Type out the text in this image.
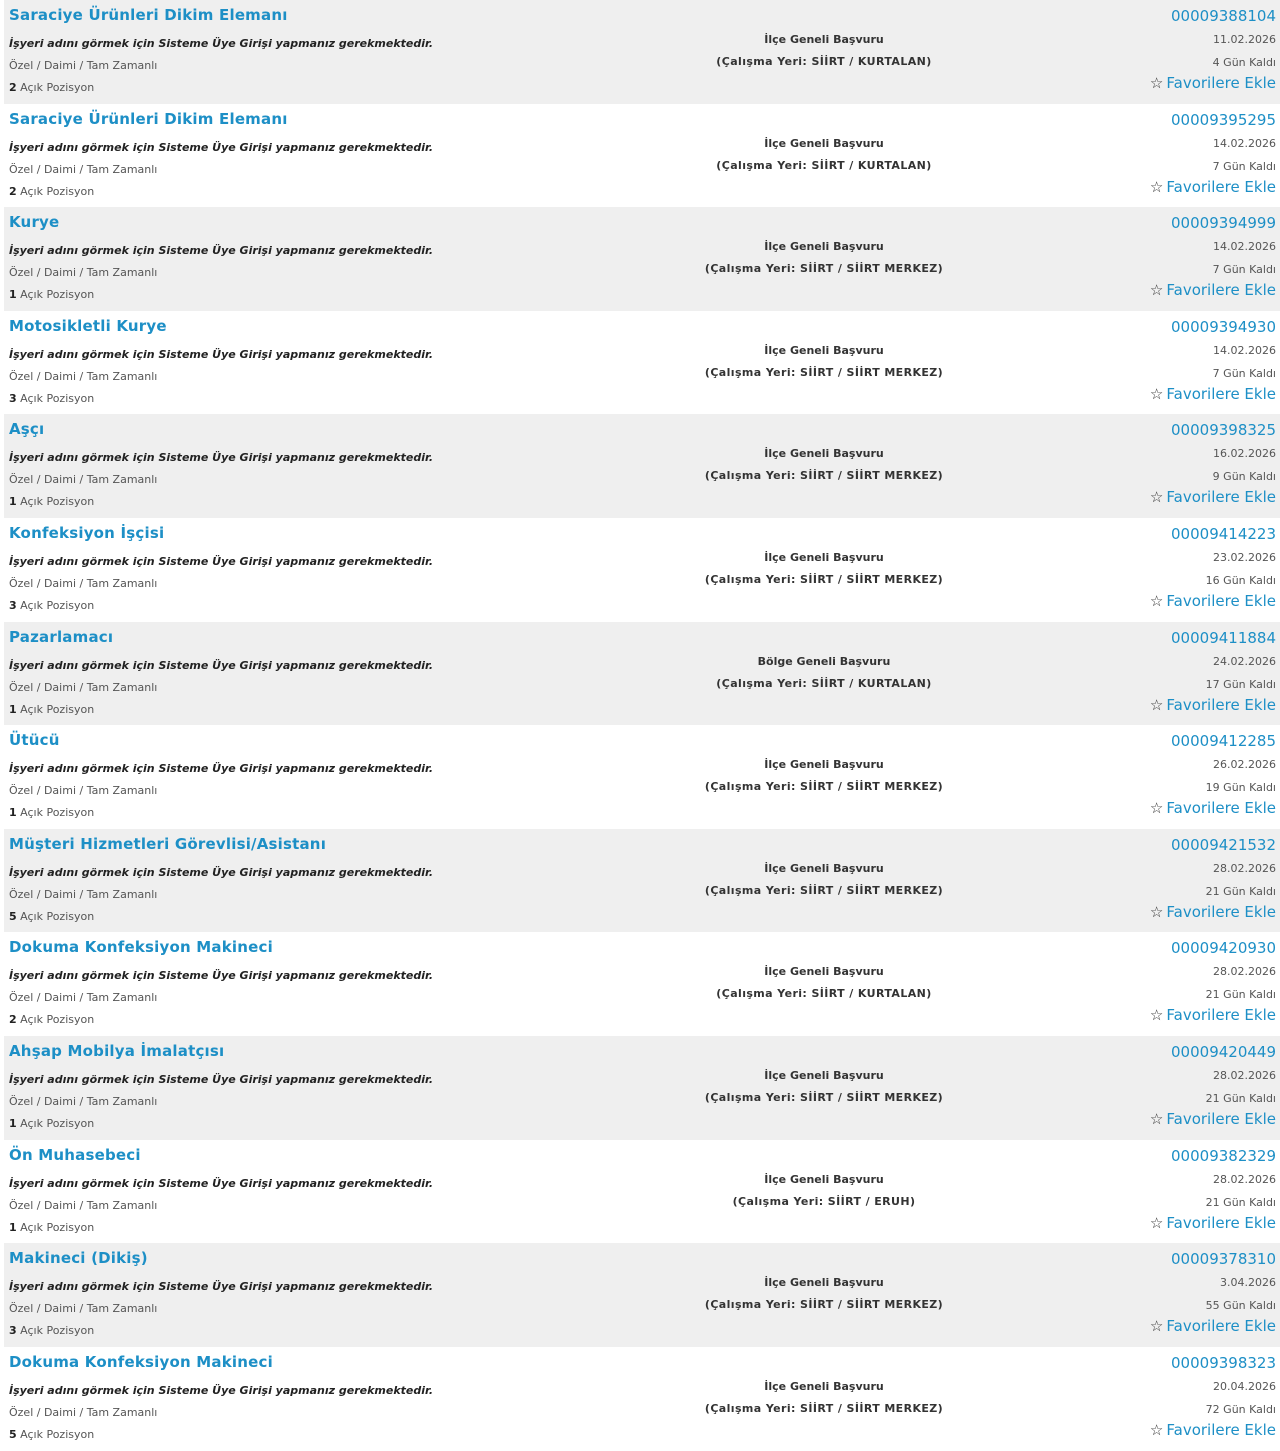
Saraciye Ürünleri Dikim Elemanı
İşyeri adını görmek için Sisteme Üye Girişi yapmanız gerekmektedir.
Özel / Daimi / Tam Zamanlı
2 Açık Pozisyon
İlçe Geneli Başvuru
(Çalışma Yeri: SİİRT / KURTALAN)
00009388104
11.02.2026
4 Gün Kaldı
☆ Favorilere Ekle
Saraciye Ürünleri Dikim Elemanı
İşyeri adını görmek için Sisteme Üye Girişi yapmanız gerekmektedir.
Özel / Daimi / Tam Zamanlı
2 Açık Pozisyon
İlçe Geneli Başvuru
(Çalışma Yeri: SİİRT / KURTALAN)
00009395295
14.02.2026
7 Gün Kaldı
☆ Favorilere Ekle
Kurye
İşyeri adını görmek için Sisteme Üye Girişi yapmanız gerekmektedir.
Özel / Daimi / Tam Zamanlı
1 Açık Pozisyon
İlçe Geneli Başvuru
(Çalışma Yeri: SİİRT / SİİRT MERKEZ)
00009394999
14.02.2026
7 Gün Kaldı
☆ Favorilere Ekle
Motosikletli Kurye
İşyeri adını görmek için Sisteme Üye Girişi yapmanız gerekmektedir.
Özel / Daimi / Tam Zamanlı
3 Açık Pozisyon
İlçe Geneli Başvuru
(Çalışma Yeri: SİİRT / SİİRT MERKEZ)
00009394930
14.02.2026
7 Gün Kaldı
☆ Favorilere Ekle
Aşçı
İşyeri adını görmek için Sisteme Üye Girişi yapmanız gerekmektedir.
Özel / Daimi / Tam Zamanlı
1 Açık Pozisyon
İlçe Geneli Başvuru
(Çalışma Yeri: SİİRT / SİİRT MERKEZ)
00009398325
16.02.2026
9 Gün Kaldı
☆ Favorilere Ekle
Konfeksiyon İşçisi
İşyeri adını görmek için Sisteme Üye Girişi yapmanız gerekmektedir.
Özel / Daimi / Tam Zamanlı
3 Açık Pozisyon
İlçe Geneli Başvuru
(Çalışma Yeri: SİİRT / SİİRT MERKEZ)
00009414223
23.02.2026
16 Gün Kaldı
☆ Favorilere Ekle
Pazarlamacı
İşyeri adını görmek için Sisteme Üye Girişi yapmanız gerekmektedir.
Özel / Daimi / Tam Zamanlı
1 Açık Pozisyon
Bölge Geneli Başvuru
(Çalışma Yeri: SİİRT / KURTALAN)
00009411884
24.02.2026
17 Gün Kaldı
☆ Favorilere Ekle
Ütücü
İşyeri adını görmek için Sisteme Üye Girişi yapmanız gerekmektedir.
Özel / Daimi / Tam Zamanlı
1 Açık Pozisyon
İlçe Geneli Başvuru
(Çalışma Yeri: SİİRT / SİİRT MERKEZ)
00009412285
26.02.2026
19 Gün Kaldı
☆ Favorilere Ekle
Müşteri Hizmetleri Görevlisi/Asistanı
İşyeri adını görmek için Sisteme Üye Girişi yapmanız gerekmektedir.
Özel / Daimi / Tam Zamanlı
5 Açık Pozisyon
İlçe Geneli Başvuru
(Çalışma Yeri: SİİRT / SİİRT MERKEZ)
00009421532
28.02.2026
21 Gün Kaldı
☆ Favorilere Ekle
Dokuma Konfeksiyon Makineci
İşyeri adını görmek için Sisteme Üye Girişi yapmanız gerekmektedir.
Özel / Daimi / Tam Zamanlı
2 Açık Pozisyon
İlçe Geneli Başvuru
(Çalışma Yeri: SİİRT / KURTALAN)
00009420930
28.02.2026
21 Gün Kaldı
☆ Favorilere Ekle
Ahşap Mobilya İmalatçısı
İşyeri adını görmek için Sisteme Üye Girişi yapmanız gerekmektedir.
Özel / Daimi / Tam Zamanlı
1 Açık Pozisyon
İlçe Geneli Başvuru
(Çalışma Yeri: SİİRT / SİİRT MERKEZ)
00009420449
28.02.2026
21 Gün Kaldı
☆ Favorilere Ekle
Ön Muhasebeci
İşyeri adını görmek için Sisteme Üye Girişi yapmanız gerekmektedir.
Özel / Daimi / Tam Zamanlı
1 Açık Pozisyon
İlçe Geneli Başvuru
(Çalışma Yeri: SİİRT / ERUH)
00009382329
28.02.2026
21 Gün Kaldı
☆ Favorilere Ekle
Makineci (Dikiş)
İşyeri adını görmek için Sisteme Üye Girişi yapmanız gerekmektedir.
Özel / Daimi / Tam Zamanlı
3 Açık Pozisyon
İlçe Geneli Başvuru
(Çalışma Yeri: SİİRT / SİİRT MERKEZ)
00009378310
3.04.2026
55 Gün Kaldı
☆ Favorilere Ekle
Dokuma Konfeksiyon Makineci
İşyeri adını görmek için Sisteme Üye Girişi yapmanız gerekmektedir.
Özel / Daimi / Tam Zamanlı
5 Açık Pozisyon
İlçe Geneli Başvuru
(Çalışma Yeri: SİİRT / SİİRT MERKEZ)
00009398323
20.04.2026
72 Gün Kaldı
☆ Favorilere Ekle
